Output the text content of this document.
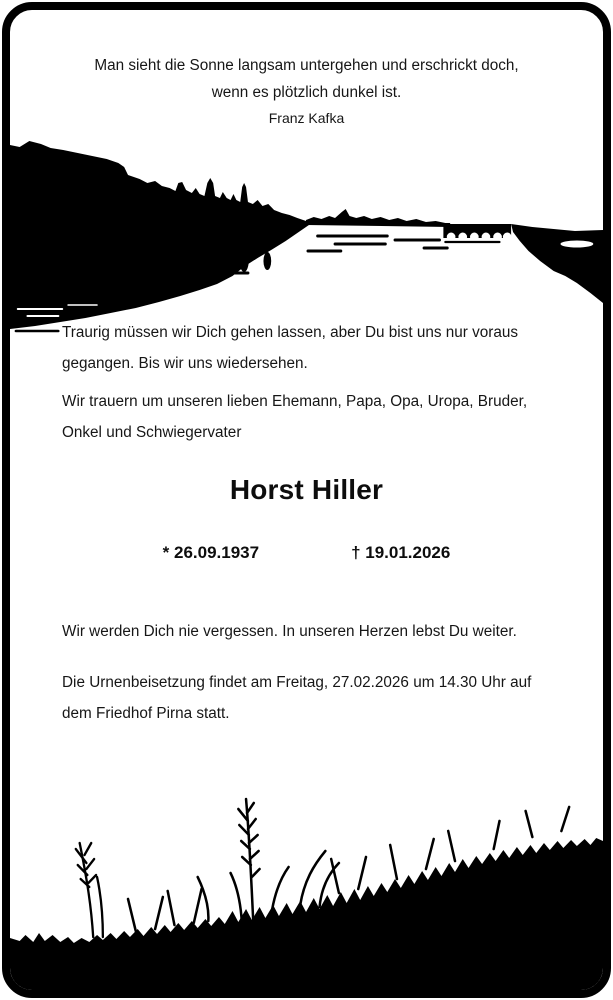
Man sieht die Sonne langsam untergehen und erschrickt doch,
wenn es plötzlich dunkel ist.
Franz Kafka

Traurig müssen wir Dich gehen lassen, aber Du bist uns nur voraus gegangen. Bis wir uns wiedersehen.

Wir trauern um unseren lieben Ehemann, Papa, Opa, Uropa, Bruder, Onkel und Schwiegervater

Horst Hiller
* 26.09.1937	† 19.01.2026

Wir werden Dich nie vergessen. In unseren Herzen lebst Du weiter.

Die Urnenbeisetzung findet am Freitag, 27.02.2026 um 14.30 Uhr auf dem Friedhof Pirna statt.
